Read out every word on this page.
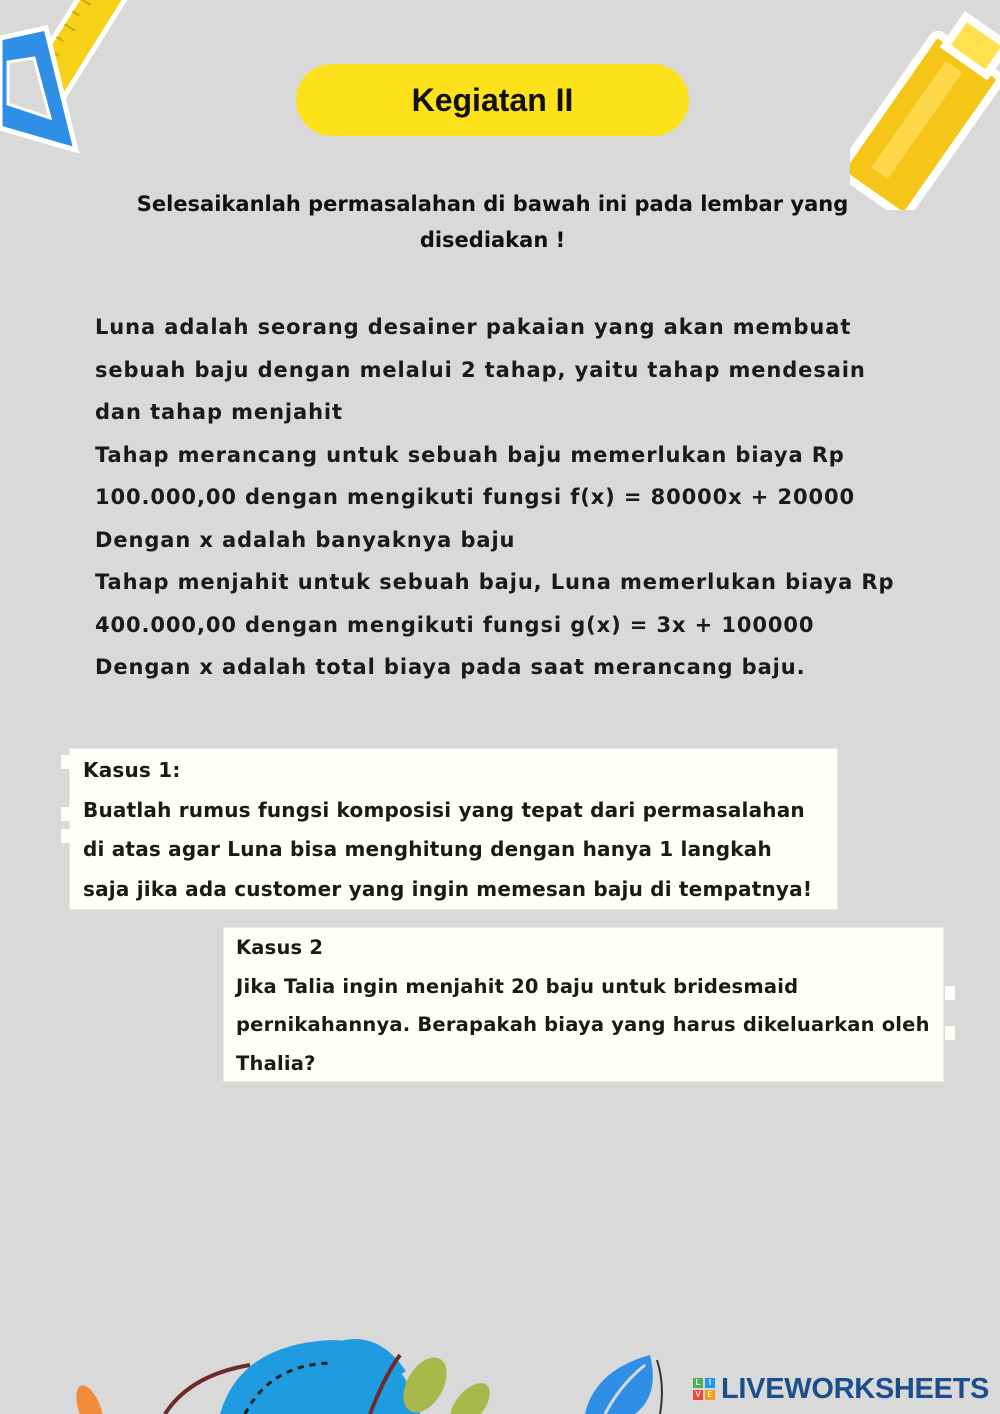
Kegiatan II
Selesaikanlah permasalahan di bawah ini pada lembar yang
disediakan !
Luna adalah seorang desainer pakaian yang akan membuat
sebuah baju dengan melalui 2 tahap, yaitu tahap mendesain
dan tahap menjahit
Tahap merancang untuk sebuah baju memerlukan biaya Rp
100.000,00 dengan mengikuti fungsi f(x) = 80000x + 20000
Dengan x adalah banyaknya baju
Tahap menjahit untuk sebuah baju, Luna memerlukan biaya Rp
400.000,00 dengan mengikuti fungsi g(x) = 3x + 100000
Dengan x adalah total biaya pada saat merancang baju.
Kasus 1:
Buatlah rumus fungsi komposisi yang tepat dari permasalahan
di atas agar Luna bisa menghitung dengan hanya 1 langkah
saja jika ada customer yang ingin memesan baju di tempatnya!
Kasus 2
Jika Talia ingin menjahit 20 baju untuk bridesmaid
pernikahannya. Berapakah biaya yang harus dikeluarkan oleh
Thalia?
L	I
V E LIVEWORKSHEETS
